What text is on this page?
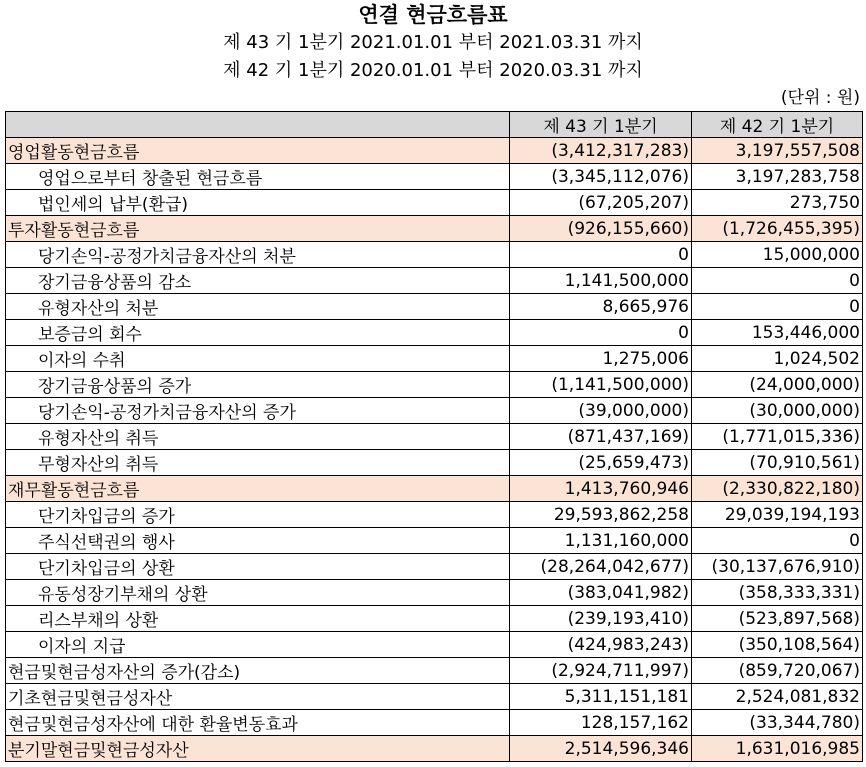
연결 현금흐름표
제 43 기 1분기 2021.01.01 부터 2021.03.31 까지
제 42 기 1분기 2020.01.01 부터 2020.03.31 까지
(단위 : 원)
	제 43 기 1분기	제 42 기 1분기
영업활동현금흐름	(3,412,317,283)	3,197,557,508
영업으로부터 창출된 현금흐름	(3,345,112,076)	3,197,283,758
법인세의 납부(환급)	(67,205,207)	273,750
투자활동현금흐름	(926,155,660)	(1,726,455,395)
당기손익-공정가치금융자산의 처분	0	15,000,000
장기금융상품의 감소	1,141,500,000	0
유형자산의 처분	8,665,976	0
보증금의 회수	0	153,446,000
이자의 수취	1,275,006	1,024,502
장기금융상품의 증가	(1,141,500,000)	(24,000,000)
당기손익-공정가치금융자산의 증가	(39,000,000)	(30,000,000)
유형자산의 취득	(871,437,169)	(1,771,015,336)
무형자산의 취득	(25,659,473)	(70,910,561)
재무활동현금흐름	1,413,760,946	(2,330,822,180)
단기차입금의 증가	29,593,862,258	29,039,194,193
주식선택권의 행사	1,131,160,000	0
단기차입금의 상환	(28,264,042,677)	(30,137,676,910)
유동성장기부채의 상환	(383,041,982)	(358,333,331)
리스부채의 상환	(239,193,410)	(523,897,568)
이자의 지급	(424,983,243)	(350,108,564)
현금및현금성자산의 증가(감소)	(2,924,711,997)	(859,720,067)
기초현금및현금성자산	5,311,151,181	2,524,081,832
현금및현금성자산에 대한 환율변동효과	128,157,162	(33,344,780)
분기말현금및현금성자산	2,514,596,346	1,631,016,985
